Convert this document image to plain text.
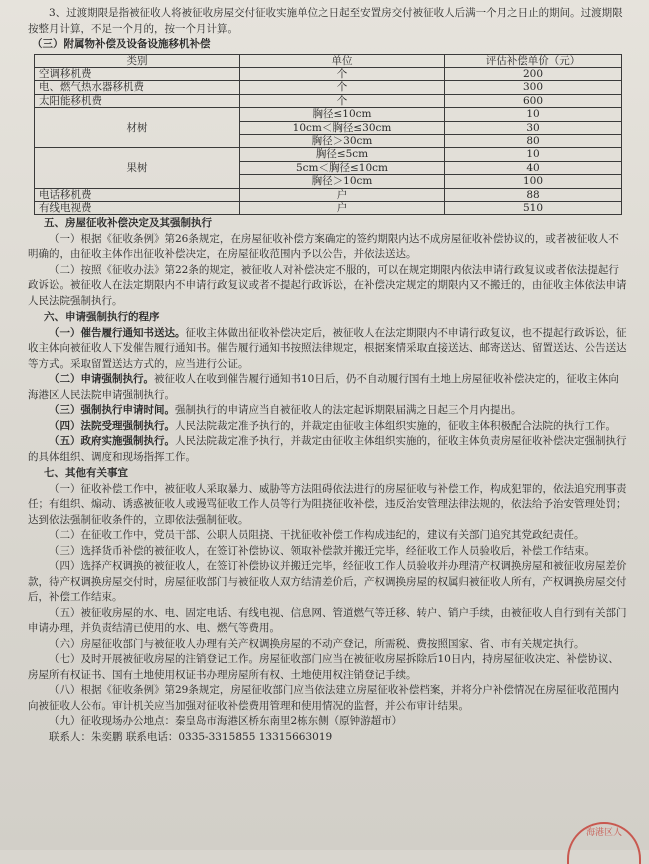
3、过渡期限是指被征收人将被征收房屋交付征收实施单位之日起至安置房交付被征收人后满一个月之日止的期间。过渡期限按整月计算，不足一个月的，按一个月计算。

（三）附属物补偿及设备设施移机补偿

类别	单位	评估补偿单价（元）
空调移机费	个	200
电、燃气热水器移机费	个	300
太阳能移机费	个	600
材树	胸径≤10cm	10
	10cm＜胸径≤30cm	30
	胸径＞30cm	80
果树	胸径≤5cm	10
	5cm＜胸径≤10cm	40
	胸径＞10cm	100
电话移机费	户	88
有线电视费	户	510

五、房屋征收补偿决定及其强制执行

（一）根据《征收条例》第26条规定，在房屋征收补偿方案确定的签约期限内达不成房屋征收补偿协议的，或者被征收人不明确的，由征收主体作出征收补偿决定，在房屋征收范围内予以公告，并依法送达。

（二）按照《征收办法》第22条的规定，被征收人对补偿决定不服的，可以在规定期限内依法申请行政复议或者依法提起行政诉讼。被征收人在法定期限内不申请行政复议或者不提起行政诉讼，在补偿决定规定的期限内又不搬迁的，由征收主体依法申请人民法院强制执行。

六、申请强制执行的程序

（一）催告履行通知书送达。征收主体做出征收补偿决定后，被征收人在法定期限内不申请行政复议，也不提起行政诉讼，征收主体向被征收人下发催告履行通知书。催告履行通知书按照法律规定，根据案情采取直接送达、邮寄送达、留置送达、公告送达等方式。采取留置送达方式的，应当进行公证。

（二）申请强制执行。被征收人在收到催告履行通知书10日后，仍不自动履行国有土地上房屋征收补偿决定的，征收主体向海港区人民法院申请强制执行。

（三）强制执行申请时间。强制执行的申请应当自被征收人的法定起诉期限届满之日起三个月内提出。

（四）法院受理强制执行。人民法院裁定准予执行的，并裁定由征收主体组织实施的，征收主体积极配合法院的执行工作。

（五）政府实施强制执行。人民法院裁定准予执行，并裁定由征收主体组织实施的，征收主体负责房屋征收补偿决定强制执行的具体组织、调度和现场指挥工作。

七、其他有关事宜

（一）征收补偿工作中，被征收人采取暴力、威胁等方法阻碍依法进行的房屋征收与补偿工作，构成犯罪的，依法追究刑事责任；有组织、煽动、诱惑被征收人或谩骂征收工作人员等行为阻挠征收补偿，违反治安管理法律法规的，依法给予治安管理处罚；达到依法强制征收条件的，立即依法强制征收。

（二）在征收工作中，党员干部、公职人员阻挠、干扰征收补偿工作构成违纪的，建议有关部门追究其党政纪责任。

（三）选择货币补偿的被征收人，在签订补偿协议、领取补偿款并搬迁完毕，经征收工作人员验收后，补偿工作结束。

（四）选择产权调换的被征收人，在签订补偿协议并搬迁完毕，经征收工作人员验收并办理清产权调换房屋和被征收房屋差价款，待产权调换房屋交付时，房屋征收部门与被征收人双方结清差价后，产权调换房屋的权属归被征收人所有，产权调换房屋交付后，补偿工作结束。

（五）被征收房屋的水、电、固定电话、有线电视、信息网、管道燃气等迁移、转户、销户手续，由被征收人自行到有关部门申请办理，并负责结清已使用的水、电、燃气等费用。

（六）房屋征收部门与被征收人办理有关产权调换房屋的不动产登记，所需税、费按照国家、省、市有关规定执行。

（七）及时开展被征收房屋的注销登记工作。房屋征收部门应当在被征收房屋拆除后10日内，持房屋征收决定、补偿协议、房屋所有权证书、国有土地使用权证书办理房屋所有权、土地使用权注销登记手续。

（八）根据《征收条例》第29条规定，房屋征收部门应当依法建立房屋征收补偿档案，并将分户补偿情况在房屋征收范围内向被征收人公布。审计机关应当加强对征收补偿费用管理和使用情况的监督，并公布审计结果。

（九）征收现场办公地点：秦皇岛市海港区桥东南里2栋东侧（原钟游超市）

联系人：朱奕鹏 联系电话：0335-3315855 13315663019

海港区人
